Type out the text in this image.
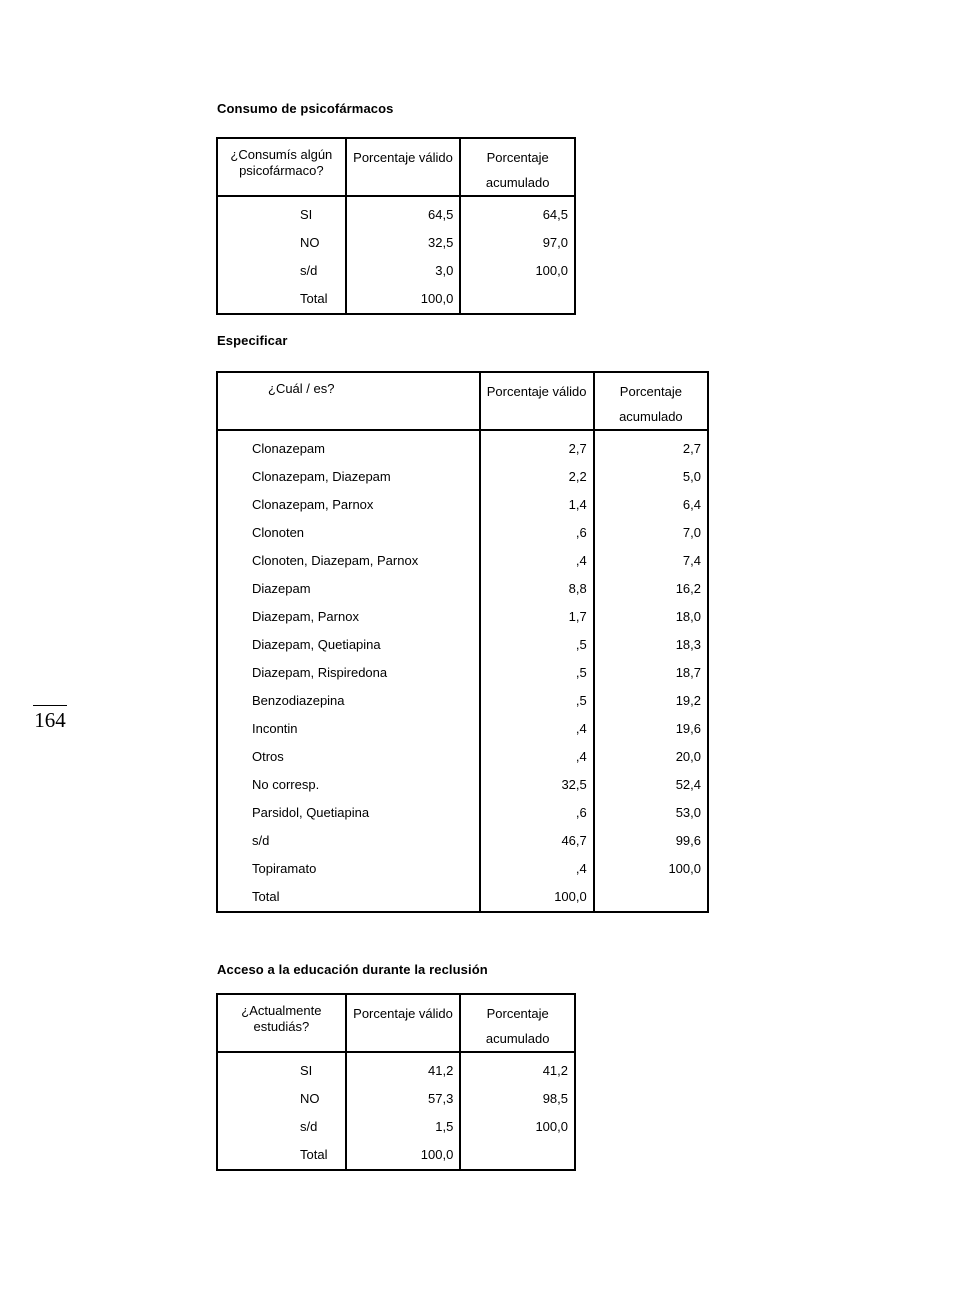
Consumo de psicofármacos
¿Consumís algún psicofármaco?	Porcentaje válido	Porcentaje acumulado
SI	64,5	64,5
NO	32,5	97,0
s/d	3,0	100,0
Total	100,0	
Especificar
¿Cuál / es?	Porcentaje válido	Porcentaje acumulado
Clonazepam	2,7	2,7
Clonazepam, Diazepam	2,2	5,0
Clonazepam, Parnox	1,4	6,4
Clonoten	,6	7,0
Clonoten, Diazepam, Parnox	,4	7,4
Diazepam	8,8	16,2
Diazepam, Parnox	1,7	18,0
Diazepam, Quetiapina	,5	18,3
Diazepam, Rispiredona	,5	18,7
Benzodiazepina	,5	19,2
Incontin	,4	19,6
Otros	,4	20,0
No corresp.	32,5	52,4
Parsidol, Quetiapina	,6	53,0
s/d	46,7	99,6
Topiramato	,4	100,0
Total	100,0	
164
Acceso a la educación durante la reclusión
¿Actualmente estudiás?	Porcentaje válido	Porcentaje acumulado
SI	41,2	41,2
NO	57,3	98,5
s/d	1,5	100,0
Total	100,0	
